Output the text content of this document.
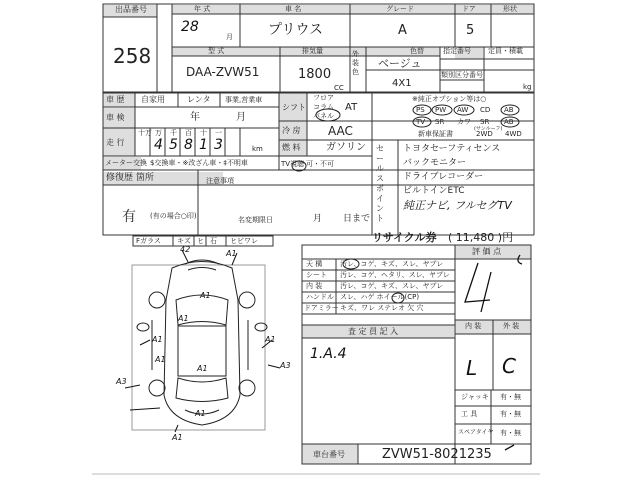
出品番号
258
年 式
28
月
車 名
プリウス
グレード
A
ドア
5
形状
型 式
DAA-ZVW51
排気量
1800
CC
外装色
色替	指定番号 定員・積載
ベージュ
類別区分番号
kg
4X1
車 歴 自家用	レンタ 事業,営業車
車 検	年	月
走 行
十万 万 千 百 十 一
4 5 8 1 3	km
メーター交換 $交換車・※改ざん車・‡不明車
シフト
フロア
コラム
パネル
AT
冷 房 AAC
燃 料	ガソリン
TV視聴 可・不可
※純正オプション等は○
PS PW AW CD AB
TV SR カワ SR AB
(サンルーフ)
新車保証書	2WD 4WD
セールスポイント
トヨタセーフティセンス
バックモニター
ドライブレコーダー
ビルトインETC
純正ナビ, フルセグTV
修復歴 箇所
有 (有の場合○印)
注意事項
名変期限日	月 日まで
Fガラス キズ ヒ 石 ヒビワレ
42	A1
A1
A1
A1
A1
A1
A1
A3
A3
A1
A1
リサイクル券 ( 11,480 )円
天 構	汚レ、コゲ、キズ、スレ、ヤブレ
シート 汚レ、コゲ、ヘタリ、スレ、ヤブレ
内 装	汚レ、コゲ、キズ、スレ、ヤブレ
ハンドル スレ、ハゲ ホイール(CP)
ドアミラー キズ、ワレ ステレオ 欠 穴
査 定 員 記 入
1.A.4
評 価 点
内 装	外 装
L C
ジャッキ 有・無
工 具	有・無
スペアタイヤ 有・無
車台番号	ZVW51-8021235
